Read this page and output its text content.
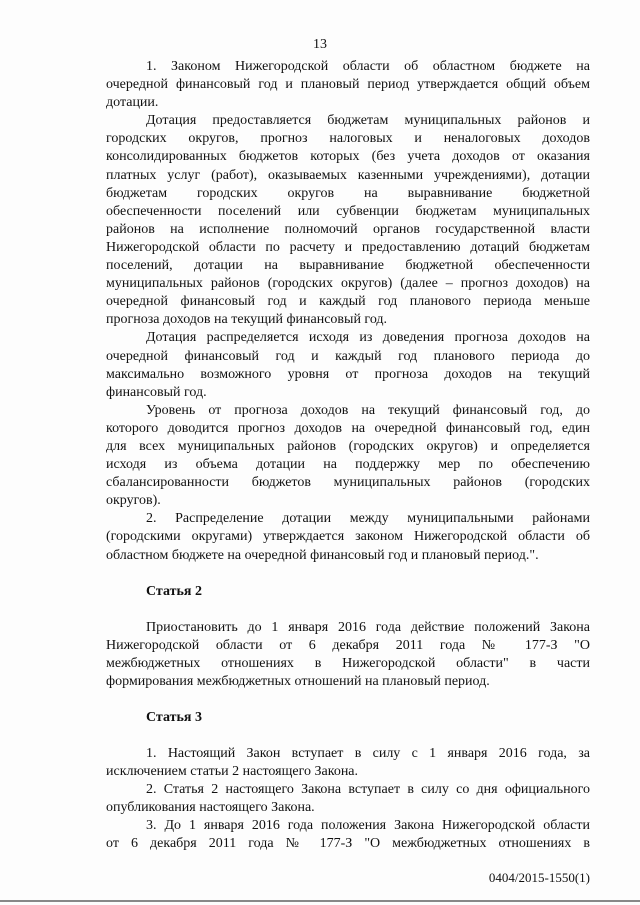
13
1. Законом Нижегородской области об областном бюджете на
очередной финансовый год и плановый период утверждается общий объем
дотации.
Дотация предоставляется бюджетам муниципальных районов и
городских округов, прогноз налоговых и неналоговых доходов
консолидированных бюджетов которых (без учета доходов от оказания
платных услуг (работ), оказываемых казенными учреждениями), дотации
бюджетам городских округов на выравнивание бюджетной
обеспеченности поселений или субвенции бюджетам муниципальных
районов на исполнение полномочий органов государственной власти
Нижегородской области по расчету и предоставлению дотаций бюджетам
поселений, дотации на выравнивание бюджетной обеспеченности
муниципальных районов (городских округов) (далее – прогноз доходов) на
очередной финансовый год и каждый год планового периода меньше
прогноза доходов на текущий финансовый год.
Дотация распределяется исходя из доведения прогноза доходов на
очередной финансовый год и каждый год планового периода до
максимально возможного уровня от прогноза доходов на текущий
финансовый год.
Уровень от прогноза доходов на текущий финансовый год, до
которого доводится прогноз доходов на очередной финансовый год, един
для всех муниципальных районов (городских округов) и определяется
исходя из объема дотации на поддержку мер по обеспечению
сбалансированности бюджетов муниципальных районов (городских
округов).
2. Распределение дотации между муниципальными районами
(городскими округами) утверждается законом Нижегородской области об
областном бюджете на очередной финансовый год и плановый период.".
Статья 2
Приостановить до 1 января 2016 года действие положений Закона
Нижегородской области от 6 декабря 2011 года № 177-З "О
межбюджетных отношениях в Нижегородской области" в части
формирования межбюджетных отношений на плановый период.
Статья 3
1. Настоящий Закон вступает в силу с 1 января 2016 года, за
исключением статьи 2 настоящего Закона.
2. Статья 2 настоящего Закона вступает в силу со дня официального
опубликования настоящего Закона.
3. До 1 января 2016 года положения Закона Нижегородской области
от 6 декабря 2011 года № 177-З "О межбюджетных отношениях в
0404/2015-1550(1)
